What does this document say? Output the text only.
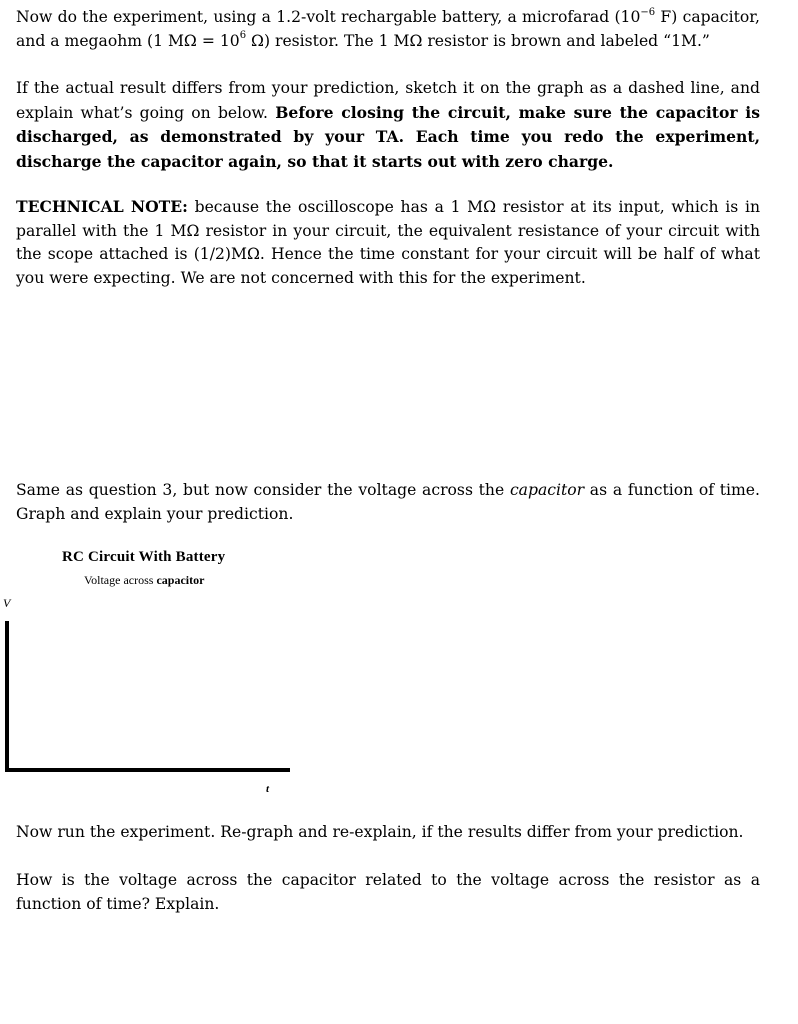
Now do the experiment, using a 1.2-volt rechargable battery, a microfarad ($10^{-6}$ F) capacitor, and a megaohm (1 $M\Omega = 10^6$ Ω) resistor. The 1 MΩ resistor is brown and labeled “1M.”

If the actual result differs from your prediction, sketch it on the graph as a dashed line, and explain what’s going on below. Before closing the circuit, make sure the capacitor is discharged, as demonstrated by your TA. Each time you redo the experiment, discharge the capacitor again, so that it starts out with zero charge.

TECHNICAL NOTE: because the oscilloscope has a 1 MΩ resistor at its input, which is in parallel with the 1 MΩ resistor in your circuit, the equivalent resistance of your circuit with the scope attached is (1/2)MΩ. Hence the time constant for your circuit will be half of what you were expecting. We are not concerned with this for the experiment.

Same as question 3, but now consider the voltage across the capacitor as a function of time. Graph and explain your prediction.

RC Circuit With Battery
Voltage across capacitor
V
t

Now run the experiment. Re-graph and re-explain, if the results differ from your prediction.

How is the voltage across the capacitor related to the voltage across the resistor as a function of time? Explain.
